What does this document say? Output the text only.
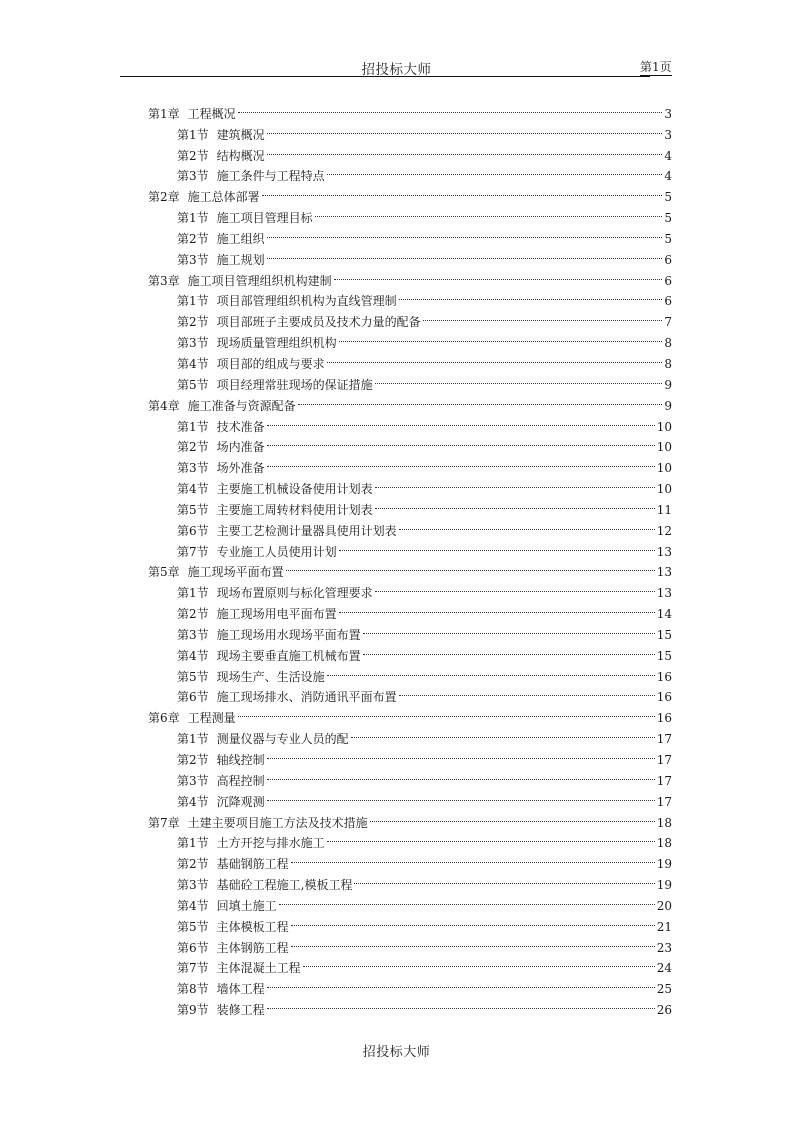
招投标大师	第1页
第1章 工程概况	3
第1节 建筑概况	3
第2节 结构概况	4
第3节 施工条件与工程特点	4
第2章 施工总体部署	5
第1节 施工项目管理目标	5
第2节 施工组织	5
第3节 施工规划	6
第3章 施工项目管理组织机构建制	6
第1节 项目部管理组织机构为直线管理制	6
第2节 项目部班子主要成员及技术力量的配备	7
第3节 现场质量管理组织机构	8
第4节 项目部的组成与要求	8
第5节 项目经理常驻现场的保证措施	9
第4章 施工准备与资源配备	9
第1节 技术准备	10
第2节 场内准备	10
第3节 场外准备	10
第4节 主要施工机械设备使用计划表	10
第5节 主要施工周转材料使用计划表	11
第6节 主要工艺检测计量器具使用计划表	12
第7节 专业施工人员使用计划	13
第5章 施工现场平面布置	13
第1节 现场布置原则与标化管理要求	13
第2节 施工现场用电平面布置	14
第3节 施工现场用水现场平面布置	15
第4节 现场主要垂直施工机械布置	15
第5节 现场生产、生活设施	16
第6节 施工现场排水、消防通讯平面布置	16
第6章 工程测量	16
第1节 测量仪器与专业人员的配	17
第2节 轴线控制	17
第3节 高程控制	17
第4节 沉降观测	17
第7章 土建主要项目施工方法及技术措施	18
第1节 土方开挖与排水施工	18
第2节 基础钢筋工程	19
第3节 基础砼工程施工,模板工程	19
第4节 回填土施工	20
第5节 主体模板工程	21
第6节 主体钢筋工程	23
第7节 主体混凝土工程	24
第8节 墙体工程	25
第9节 装修工程	26
招投标大师
